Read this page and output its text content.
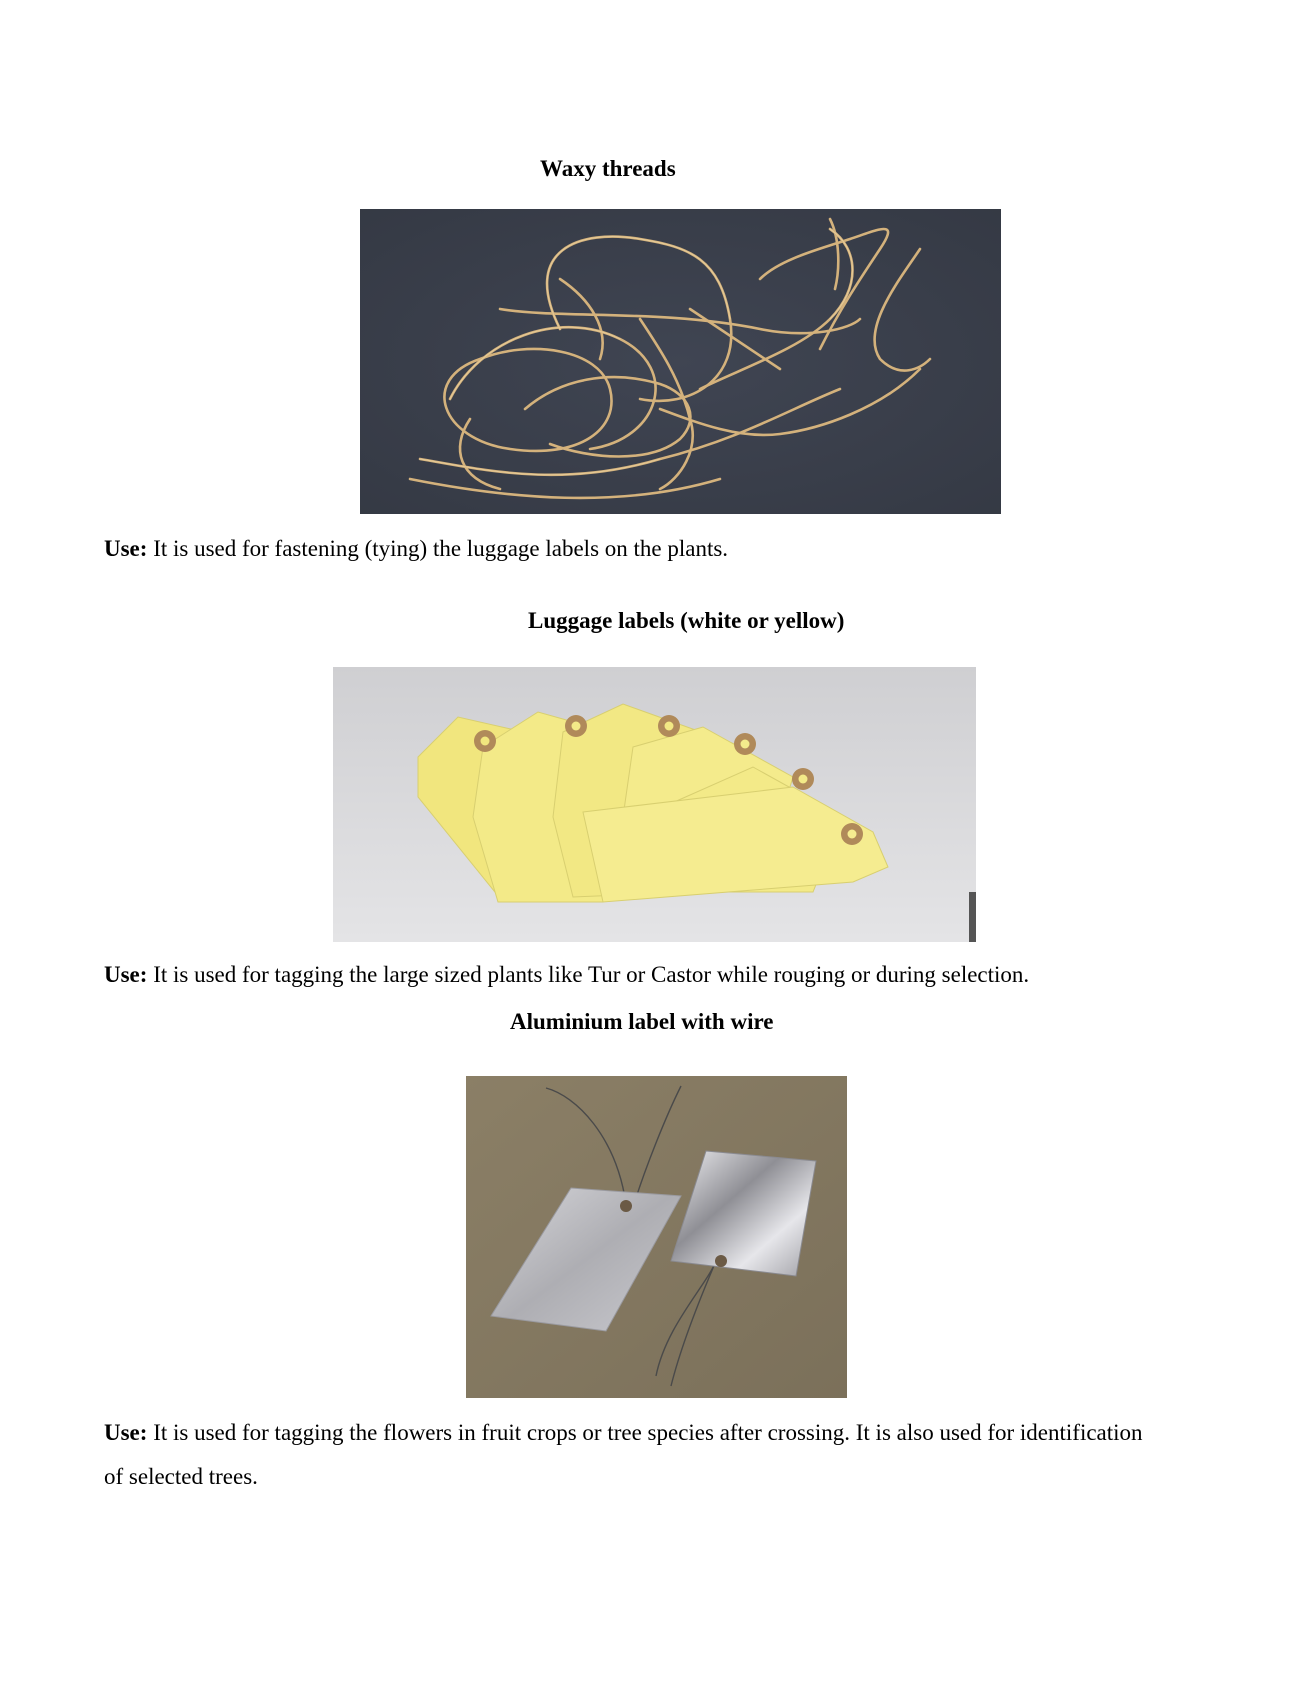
Waxy threads

Use: It is used for fastening (tying) the luggage labels on the plants.

Luggage labels (white or yellow)

Use: It is used for tagging the large sized plants like Tur or Castor while rouging or during selection.

Aluminium label with wire

Use: It is used for tagging the flowers in fruit crops or tree species after crossing. It is also used for identification of selected trees.
